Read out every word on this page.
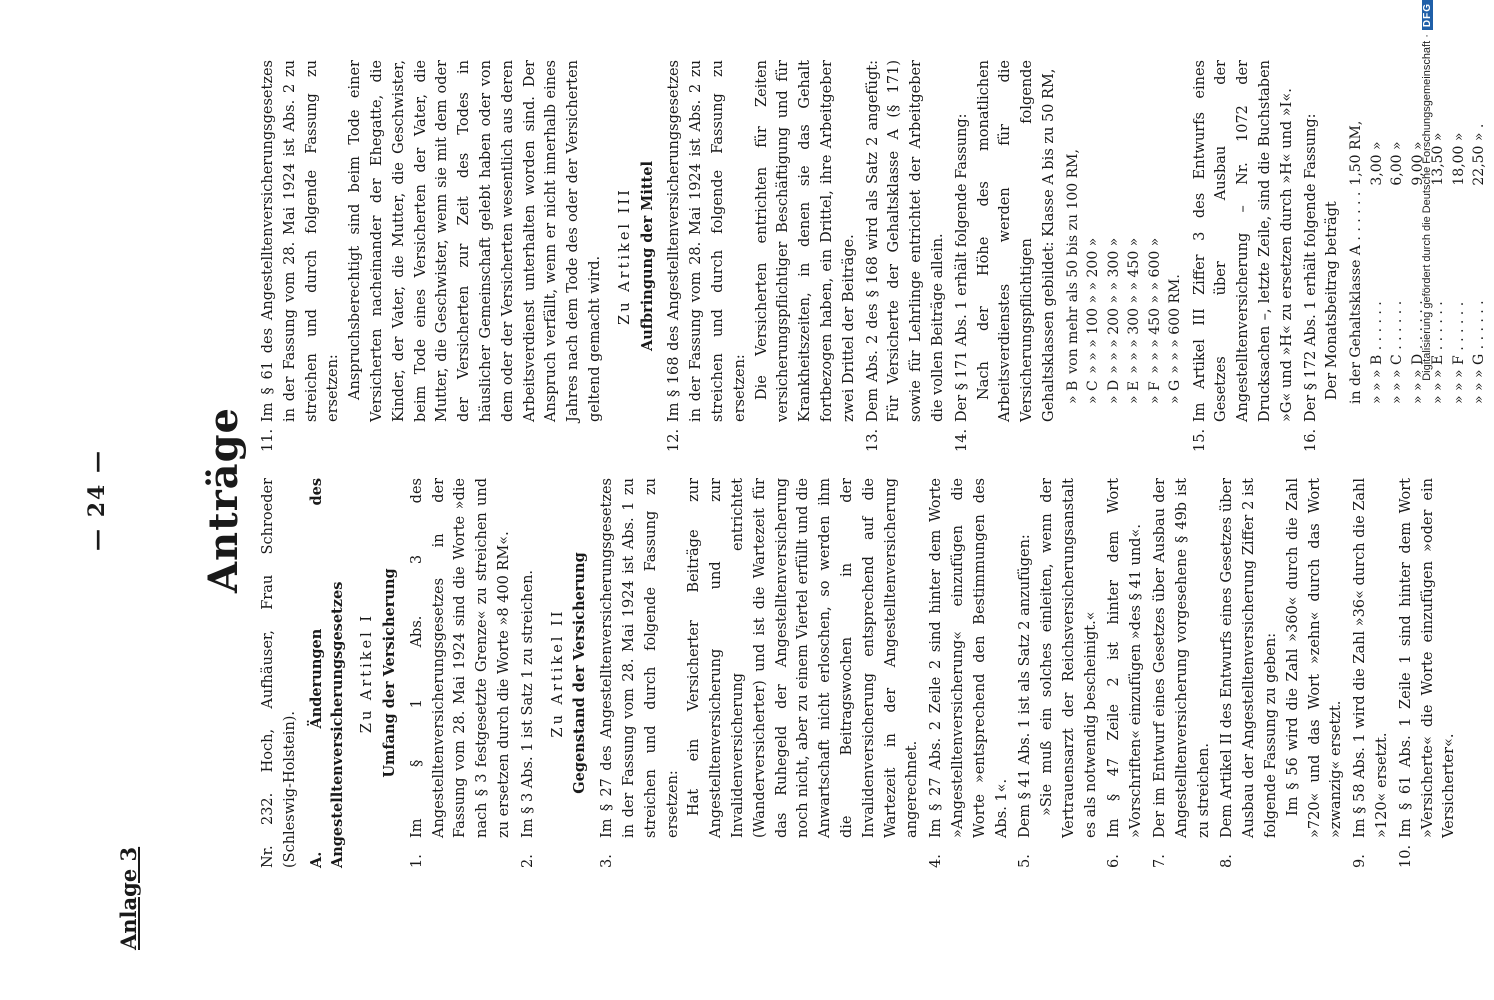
— 24 —
Anlage 3
Anträge Nr. 232. Hoch, Aufhäuser, Frau Schroeder (Schleswig-Holstein). A. Änderungen des Angestelltenversicherungsgesetzes Zu Artikel I Umfang der Versicherung

1.

Im § 1 Abs. 3 des Angestelltenversicherungsgesetzes in der Fassung vom 28. Mai 1924 sind die Worte »die nach § 3 festgesetzte Grenze« zu streichen und zu ersetzen durch die Worte »8 400 RM«.

2.

Im § 3 Abs. 1 ist Satz 1 zu streichen. Zu Artikel II Gegenstand der Versicherung

3.

Im § 27 des Angestelltenversicherungsgesetzes in der Fassung vom 28. Mai 1924 ist Abs. 1 zu streichen und durch folgende Fassung zu ersetzen: Hat ein Versicherter Beiträge zur Angestelltenversicherung und zur Invalidenversicherung entrichtet (Wanderversicherter) und ist die Wartezeit für das Ruhegeld der Angestelltenversicherung noch nicht, aber zu einem Viertel erfüllt und die Anwartschaft nicht erloschen, so werden ihm die Beitragswochen in der Invalidenversicherung entsprechend auf die Wartezeit in der Angestelltenversicherung angerechnet.

4.

Im § 27 Abs. 2 Zeile 2 sind hinter dem Worte »Angestelltenversicherung« einzufügen die Worte »entsprechend den Bestimmungen des Abs. 1«.

5.

Dem § 41 Abs. 1 ist als Satz 2 anzufügen: »Sie muß ein solches einleiten, wenn der Vertrauensarzt der Reichsversicherungsanstalt es als notwendig bescheinigt.«

6.

Im § 47 Zeile 2 ist hinter dem Wort »Vorschriften« einzufügen »des § 41 und«.

7.

Der im Entwurf eines Gesetzes über Ausbau der Angestelltenversicherung vorgesehene § 49b ist zu streichen.

8.

Dem Artikel II des Entwurfs eines Gesetzes über Ausbau der Angestelltenversicherung Ziffer 2 ist folgende Fassung zu geben: Im § 56 wird die Zahl »360« durch die Zahl »720« und das Wort »zehn« durch das Wort »zwanzig« ersetzt.

9.

Im § 58 Abs. 1 wird die Zahl »36« durch die Zahl »120« ersetzt.

10.

Im § 61 Abs. 1 Zeile 1 sind hinter dem Wort »Versicherte« die Worte einzufügen »oder ein Versicherter«.

11.

Im § 61 des Angestelltenversicherungsgesetzes in der Fassung vom 28. Mai 1924 ist Abs. 2 zu streichen und durch folgende Fassung zu ersetzen: Anspruchsberechtigt sind beim Tode einer Versicherten nacheinander der Ehegatte, die Kinder, der Vater, die Mutter, die Geschwister, beim Tode eines Versicherten der Vater, die Mutter, die Geschwister, wenn sie mit dem oder der Versicherten zur Zeit des Todes in häuslicher Gemeinschaft gelebt haben oder von dem oder der Versicherten wesentlich aus deren Arbeitsverdienst unterhalten worden sind. Der Anspruch verfällt, wenn er nicht innerhalb eines Jahres nach dem Tode des oder der Versicherten geltend gemacht wird. Zu Artikel III Aufbringung der Mittel

12.

Im § 168 des Angestelltenversicherungsgesetzes in der Fassung vom 28. Mai 1924 ist Abs. 2 zu streichen und durch folgende Fassung zu ersetzen: Die Versicherten entrichten für Zeiten versicherungspflichtiger Beschäftigung und für Krankheitszeiten, in denen sie das Gehalt fortbezogen haben, ein Drittel, ihre Arbeitgeber zwei Drittel der Beiträge.

13.

Dem Abs. 2 des § 168 wird als Satz 2 angefügt: Für Versicherte der Gehaltsklasse A (§ 171) sowie für Lehrlinge entrichtet der Arbeitgeber die vollen Beiträge allein.

14.

Der § 171 Abs. 1 erhält folgende Fassung: Nach der Höhe des monatlichen Arbeitsverdienstes werden für die Versicherungspflichtigen folgende Gehaltsklassen gebildet: Klasse A bis zu 50 RM, » B	von mehr als 50 bis zu 100 RM,
» C	» » » 100 » » 200 »
» D	» » » 200 » » 300 »
» E	» » » 300 » » 450 »
» F	» » » 450 » » 600 »
» G	» » » 600 RM.
15.

Im Artikel III Ziffer 3 des Entwurfs eines Gesetzes über Ausbau der Angestelltenversicherung – Nr. 1072 der Drucksachen –, letzte Zeile, sind die Buchstaben »G« und »H« zu ersetzen durch »H« und »I«.

16.

Der § 172 Abs. 1 erhält folgende Fassung: Der Monatsbeitrag beträgt in der Gehaltsklasse A . . . . . .	1,50 RM,
» » » B . . . . . .	3,00 »
» » » C . . . . . .	6,00 »
» » » D . . . . . .	9,00 »
» » » E . . . . . .	13,50 »
» » » F . . . . . .	18,00 »
» » » G . . . . . .	22,50 » .
Digitalisierung gefördert durch die Deutsche Forschungsgemeinschaft ·
DFG
